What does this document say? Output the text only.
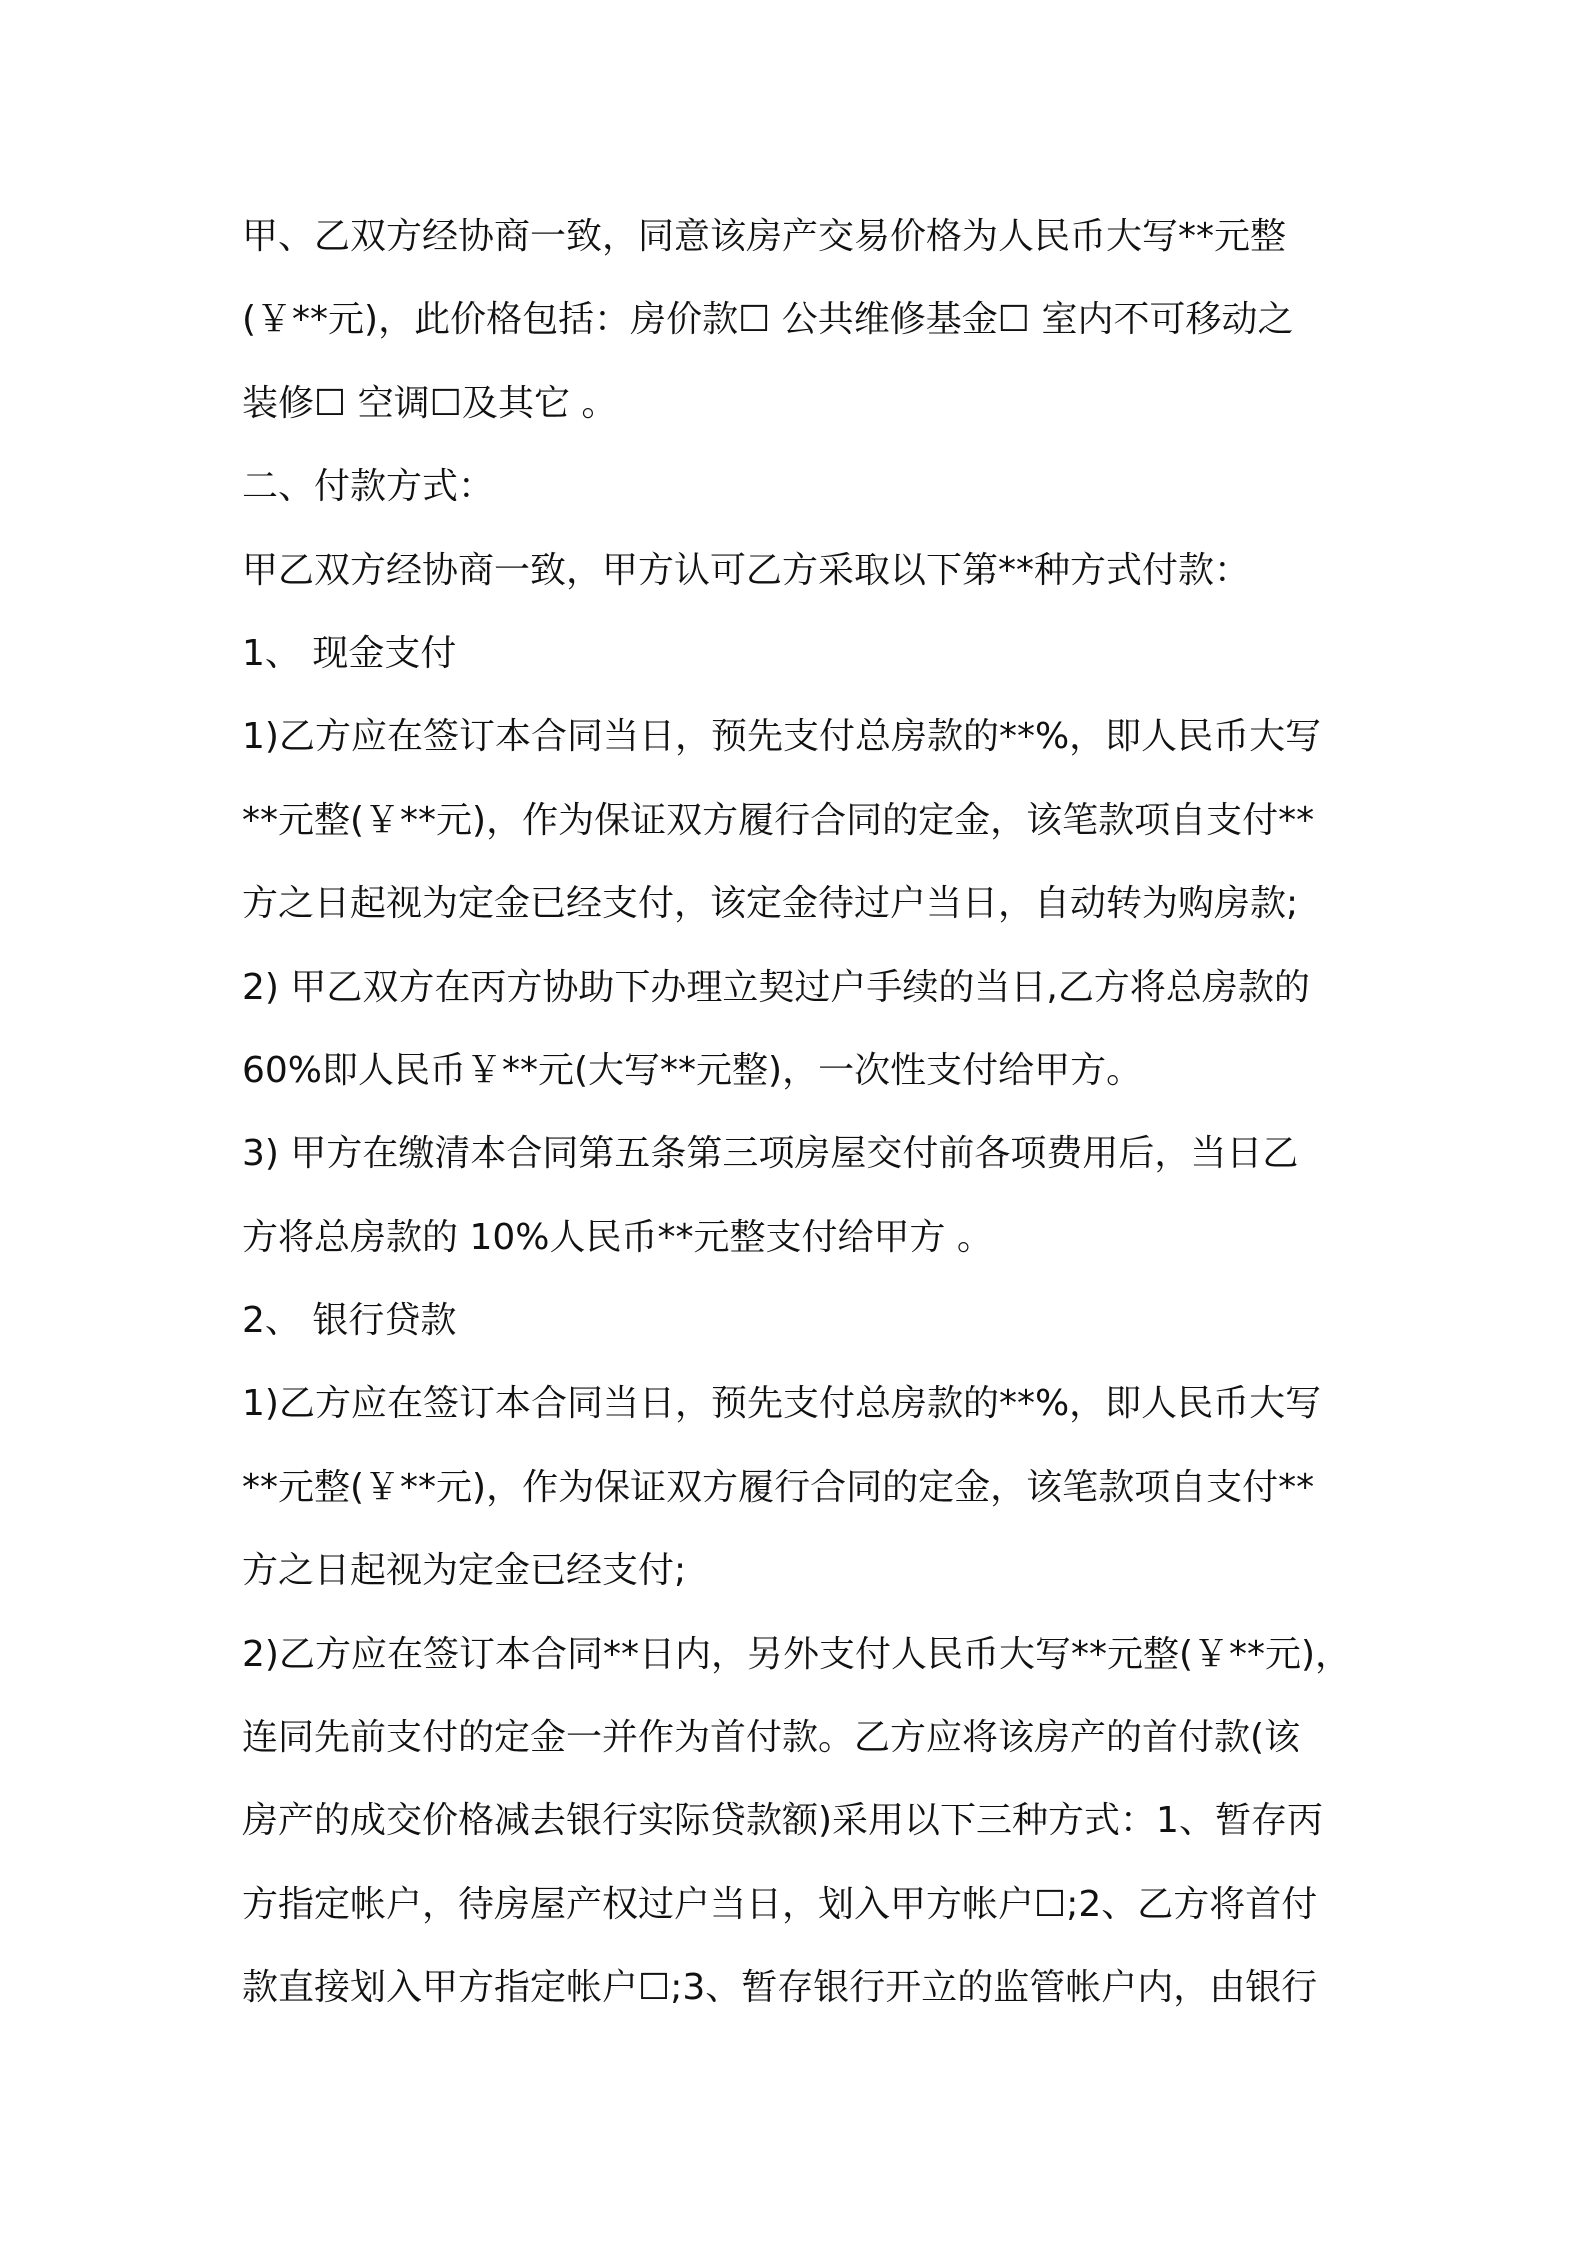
甲、乙双方经协商一致，同意该房产交易价格为人民币大写**元整
(￥**元)，此价格包括：房价款☐ 公共维修基金☐ 室内不可移动之
装修☐ 空调☐及其它 。
二、付款方式：
甲乙双方经协商一致，甲方认可乙方采取以下第**种方式付款：
1、 现金支付
1)乙方应在签订本合同当日，预先支付总房款的**%，即人民币大写
**元整(￥**元)，作为保证双方履行合同的定金，该笔款项自支付**
方之日起视为定金已经支付，该定金待过户当日，自动转为购房款;
2) 甲乙双方在丙方协助下办理立契过户手续的当日,乙方将总房款的
60%即人民币￥**元(大写**元整)，一次性支付给甲方。
3) 甲方在缴清本合同第五条第三项房屋交付前各项费用后，当日乙
方将总房款的 10%人民币**元整支付给甲方 。
2、 银行贷款
1)乙方应在签订本合同当日，预先支付总房款的**%，即人民币大写
**元整(￥**元)，作为保证双方履行合同的定金，该笔款项自支付**
方之日起视为定金已经支付;
2)乙方应在签订本合同**日内，另外支付人民币大写**元整(￥**元)，
连同先前支付的定金一并作为首付款。乙方应将该房产的首付款(该
房产的成交价格减去银行实际贷款额)采用以下三种方式：1、暂存丙
方指定帐户，待房屋产权过户当日，划入甲方帐户☐;2、乙方将首付
款直接划入甲方指定帐户☐;3、暂存银行开立的监管帐户内，由银行
